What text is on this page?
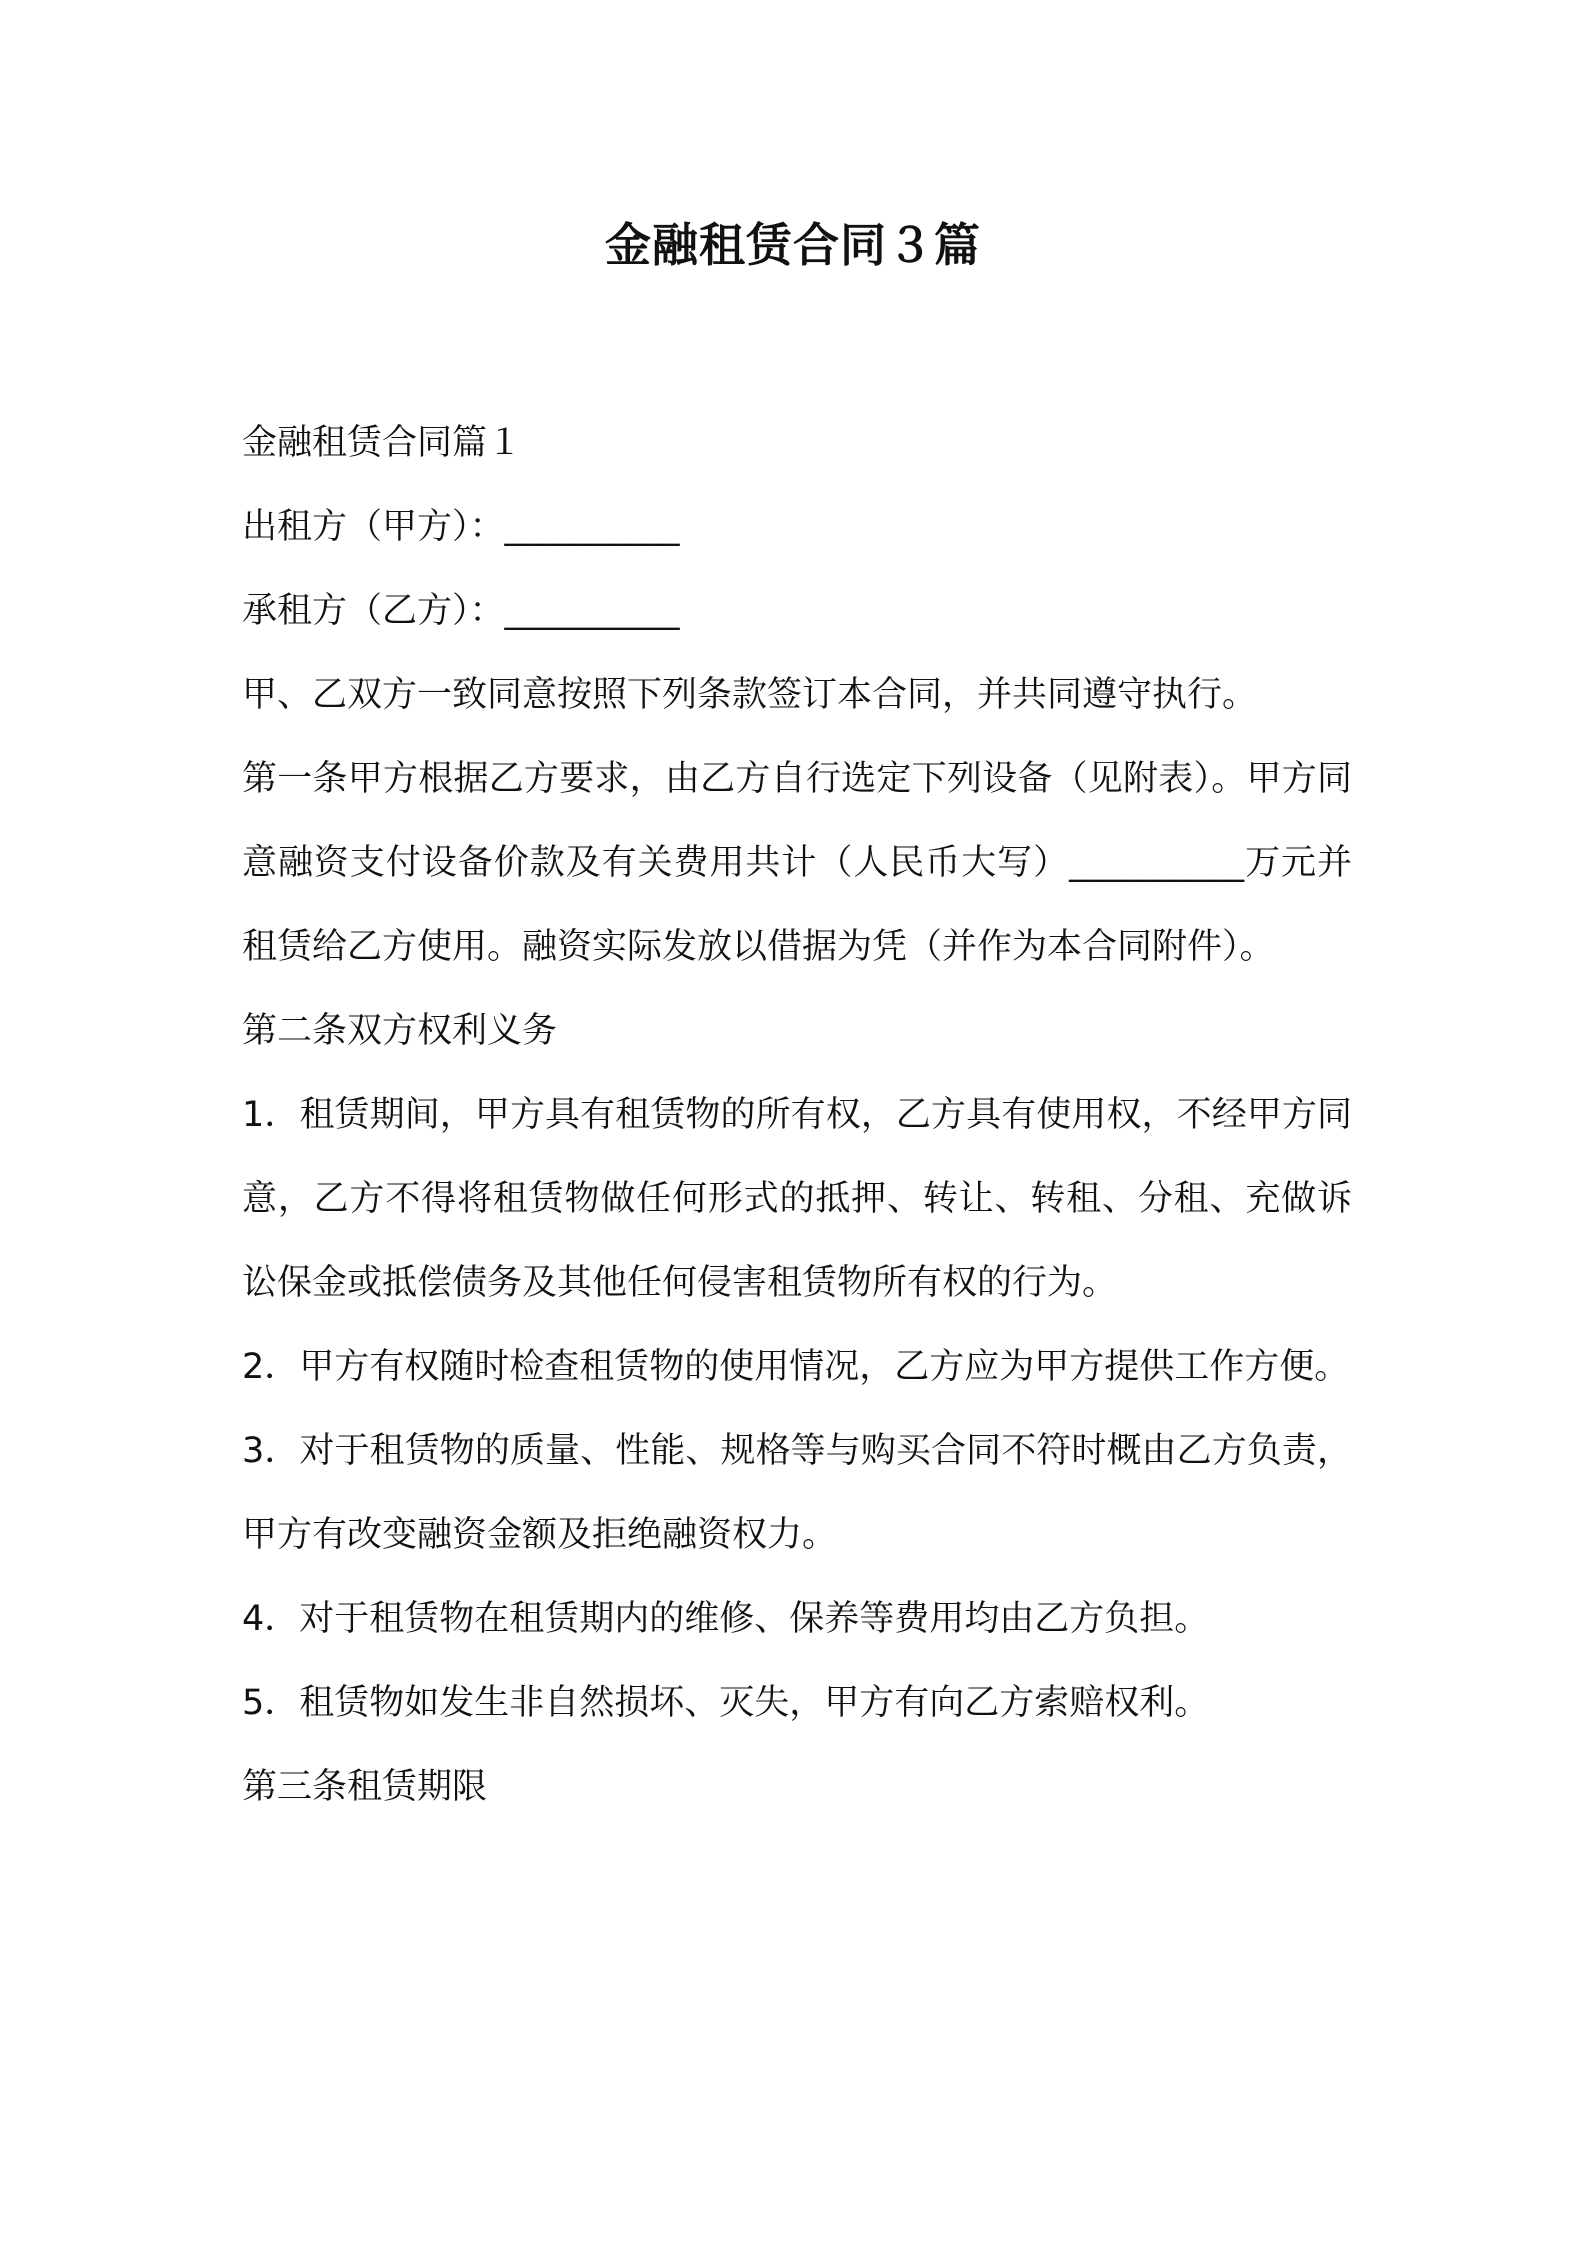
金融租赁合同３篇

金融租赁合同篇１

出租方（甲方）：__________

承租方（乙方）：__________

甲、乙双方一致同意按照下列条款签订本合同，并共同遵守执行。

第一条甲方根据乙方要求，由乙方自行选定下列设备（见附表）。甲方同意融资支付设备价款及有关费用共计（人民币大写）__________万元并租赁给乙方使用。融资实际发放以借据为凭（并作为本合同附件）。

第二条双方权利义务

1．租赁期间，甲方具有租赁物的所有权，乙方具有使用权，不经甲方同意，乙方不得将租赁物做任何形式的抵押、转让、转租、分租、充做诉讼保金或抵偿债务及其他任何侵害租赁物所有权的行为。

2．甲方有权随时检查租赁物的使用情况，乙方应为甲方提供工作方便。

3．对于租赁物的质量、性能、规格等与购买合同不符时概由乙方负责，甲方有改变融资金额及拒绝融资权力。

4．对于租赁物在租赁期内的维修、保养等费用均由乙方负担。

5．租赁物如发生非自然损坏、灭失，甲方有向乙方索赔权利。

第三条租赁期限
